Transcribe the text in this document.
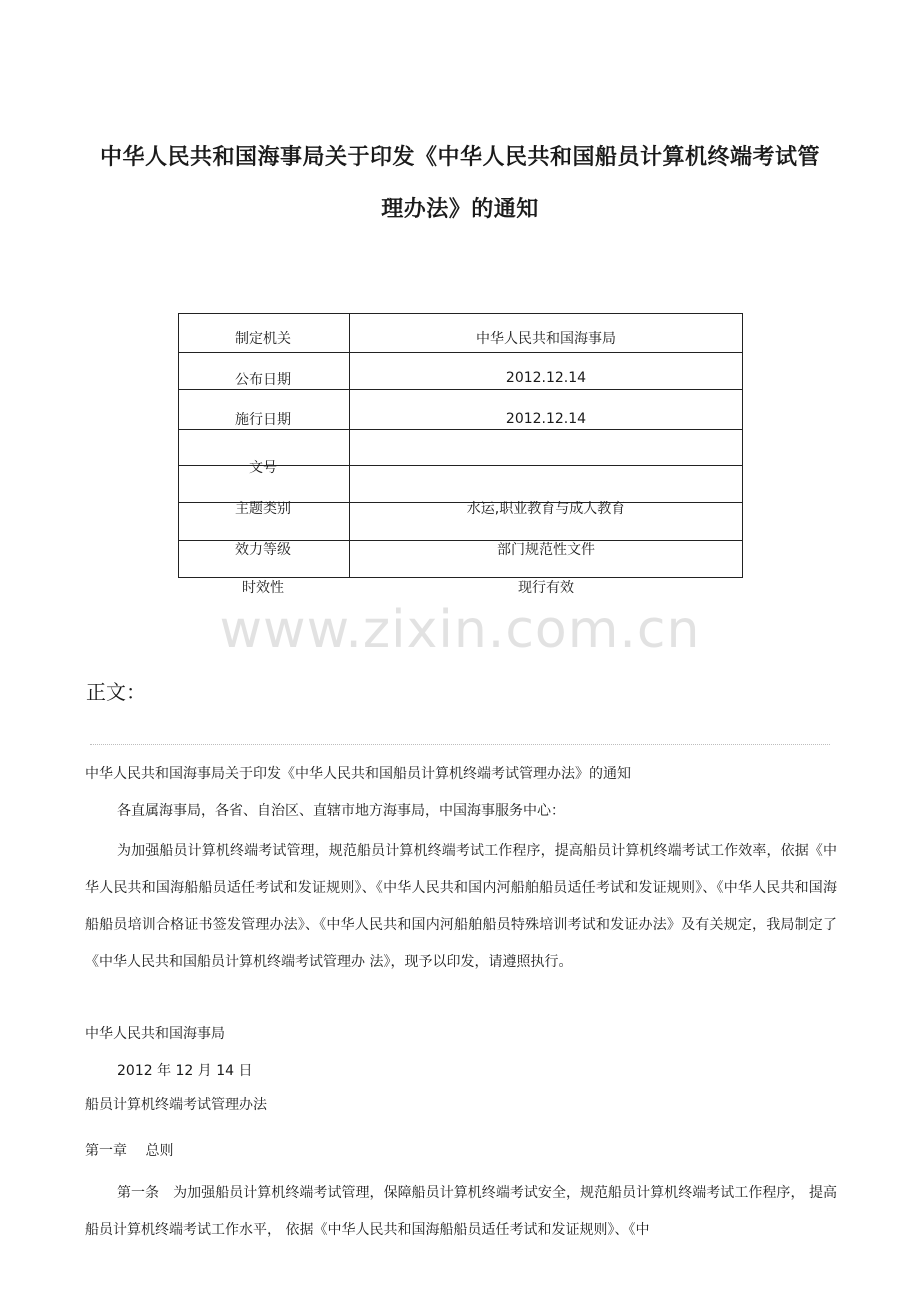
中华人民共和国海事局关于印发《中华人民共和国船员计算机终端考试管
理办法》的通知
制定机关	中华人民共和国海事局
公布日期	2012.12.14
施行日期	2012.12.14
文号
主题类别	水运,职业教育与成人教育
效力等级	部门规范性文件
时效性	现行有效
www.zixin.com.cn
正文：
中华人民共和国海事局关于印发《中华人民共和国船员计算机终端考试管理办法》的通知
各直属海事局，各省、自治区、直辖市地方海事局，中国海事服务中心：
为加强船员计算机终端考试管理，规范船员计算机终端考试工作程序，提高船员计算机终端考试工作效率，依据《中华人民共和国海船船员适任考试和发证规则》、《中华人民共和国内河船舶船员适任考试和发证规则》、《中华人民共和国海船船员培训合格证书签发管理办法》、《中华人民共和国内河船舶船员特殊培训考试和发证办法》及有关规定，我局制定了《中华人民共和国船员计算机终端考试管理办 法》，现予以印发，请遵照执行。
中华人民共和国海事局
2012 年 12 月 14 日
船员计算机终端考试管理办法
第一章　 总则
第一条　为加强船员计算机终端考试管理，保障船员计算机终端考试安全，规范船员计算机终端考试工作程序， 提高船员计算机终端考试工作水平， 依据《中华人民共和国海船船员适任考试和发证规则》、《中
